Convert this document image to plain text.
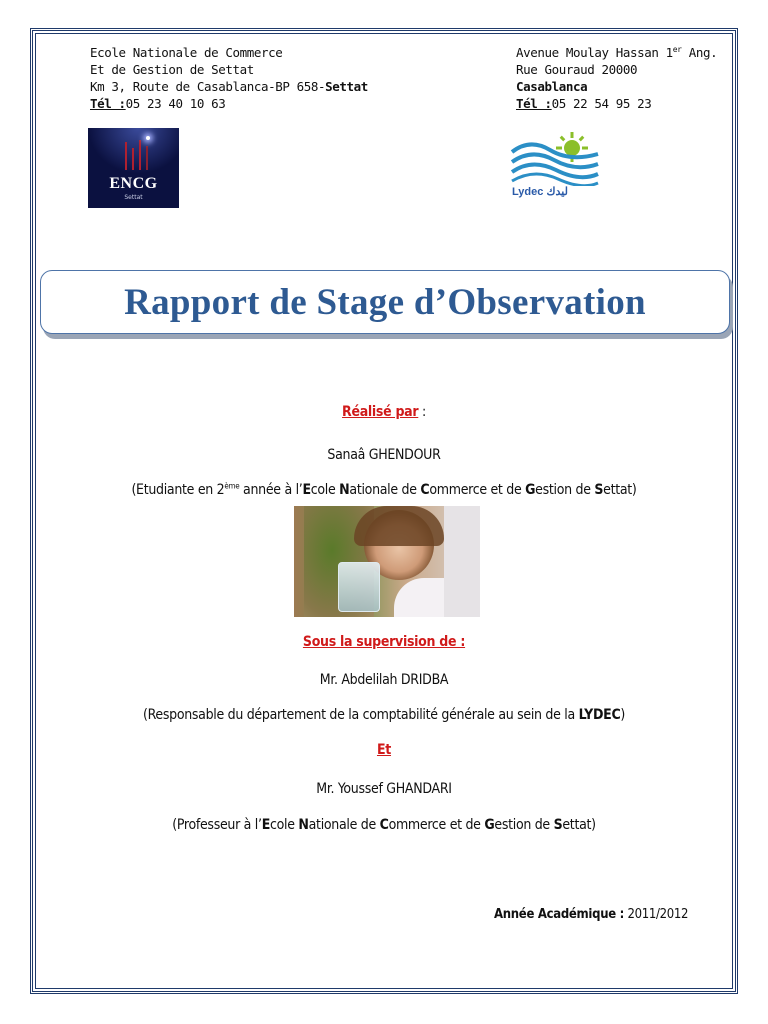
Ecole Nationale de Commerce
Et de Gestion de Settat
Km 3, Route de Casablanca-BP 658-Settat
Tél :05 23 40 10 63
Avenue Moulay Hassan 1er Ang.
Rue Gouraud 20000
Casablanca
Tél :05 22 54 95 23
ENCG
Settat	Lydec ليدك
Rapport de Stage d’Observation
Réalisé par :
Sanaâ GHENDOUR
(Etudiante en 2ème année à l’Ecole Nationale de Commerce et de Gestion de Settat)
Sous la supervision de :
Mr. Abdelilah DRIDBA
(Responsable du département de la comptabilité générale au sein de la LYDEC)
Et
Mr. Youssef GHANDARI
(Professeur à l’Ecole Nationale de Commerce et de Gestion de Settat)
Année Académique : 2011/2012
